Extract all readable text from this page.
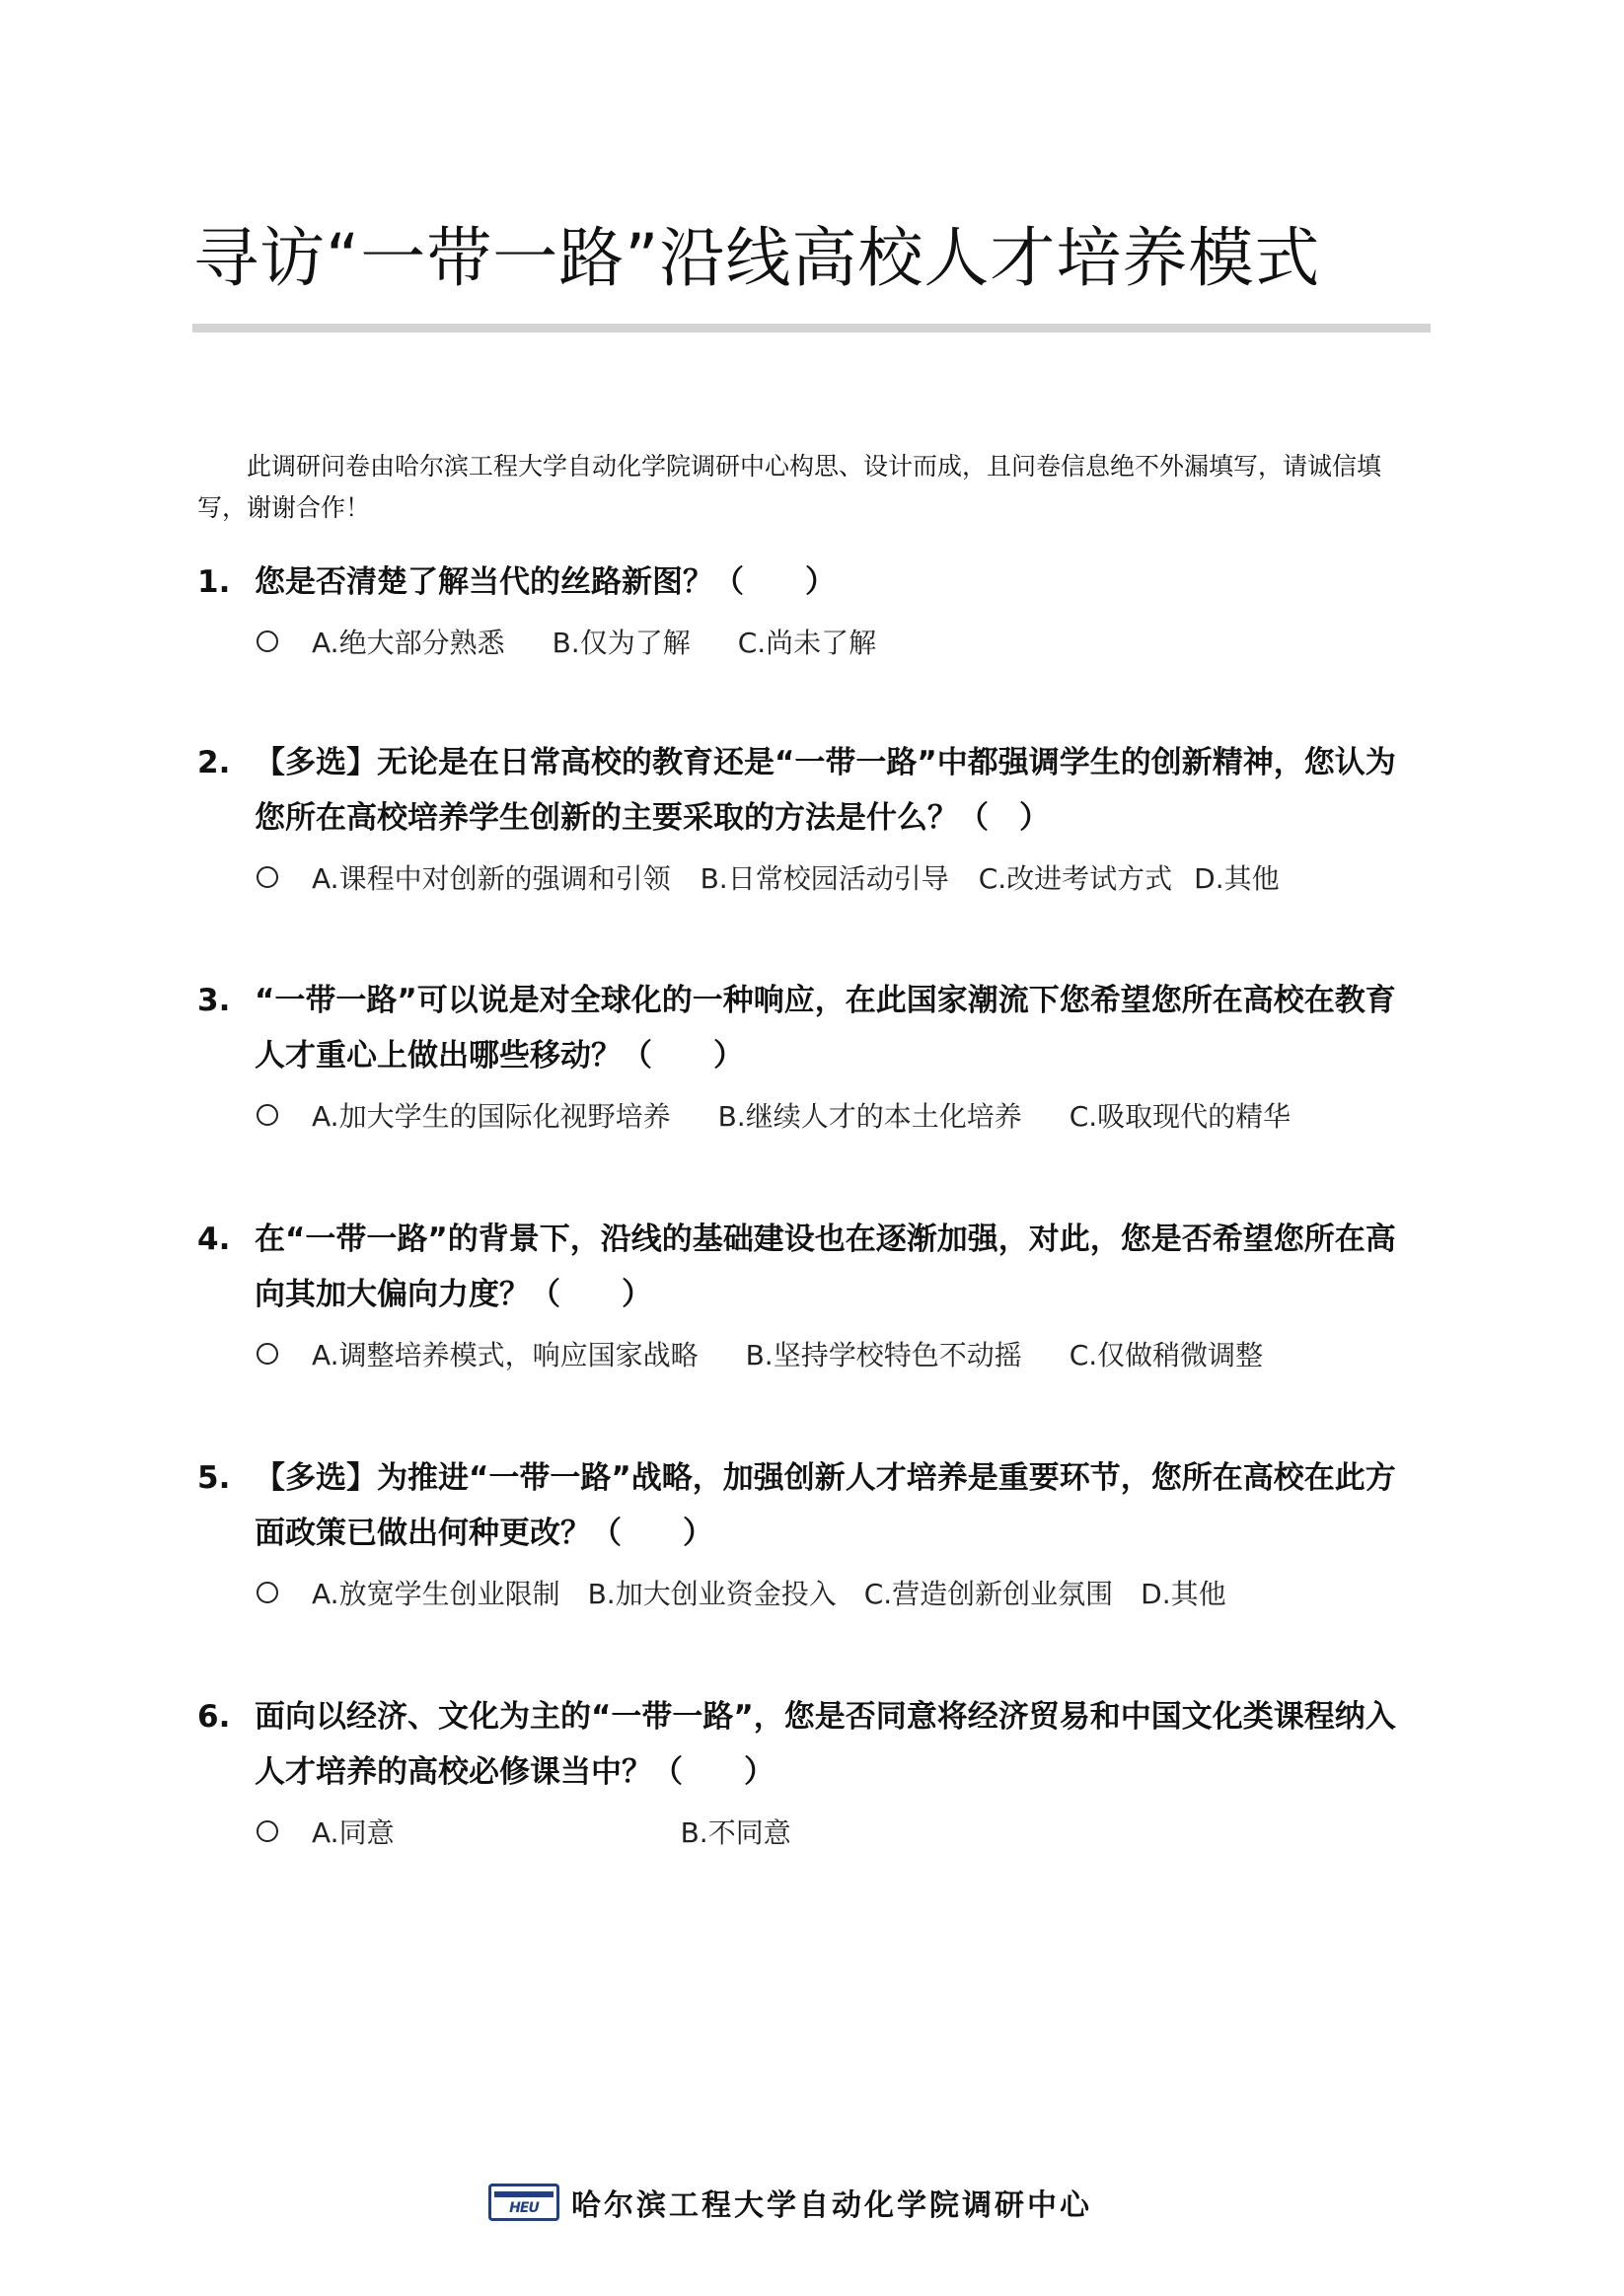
寻访“一带一路”沿线高校人才培养模式

此调研问卷由哈尔滨工程大学自动化学院调研中心构思、设计而成，且问卷信息绝不外漏填写，请诚信填写，谢谢合作！

1. 您是否清楚了解当代的丝路新图？（　　）
A.绝大部分熟悉 B.仅为了解 C.尚未了解
2. 【多选】无论是在日常高校的教育还是“一带一路”中都强调学生的创新精神，您认为您所在高校培养学生创新的主要采取的方法是什么？（　）
A.课程中对创新的强调和引领 B.日常校园活动引导 C.改进考试方式 D.其他
3. “一带一路”可以说是对全球化的一种响应，在此国家潮流下您希望您所在高校在教育人才重心上做出哪些移动？（　　）
A.加大学生的国际化视野培养 B.继续人才的本土化培养 C.吸取现代的精华
4. 在“一带一路”的背景下，沿线的基础建设也在逐渐加强，对此，您是否希望您所在高向其加大偏向力度？（　　）
A.调整培养模式，响应国家战略 B.坚持学校特色不动摇 C.仅做稍微调整
5. 【多选】为推进“一带一路”战略，加强创新人才培养是重要环节，您所在高校在此方面政策已做出何种更改？（　　）
A.放宽学生创业限制 B.加大创业资金投入 C.营造创新创业氛围 D.其他
6. 面向以经济、文化为主的“一带一路”，您是否同意将经济贸易和中国文化类课程纳入人才培养的高校必修课当中？（　　）
A.同意	B.不同意
HEU	哈尔滨工程大学自动化学院调研中心
